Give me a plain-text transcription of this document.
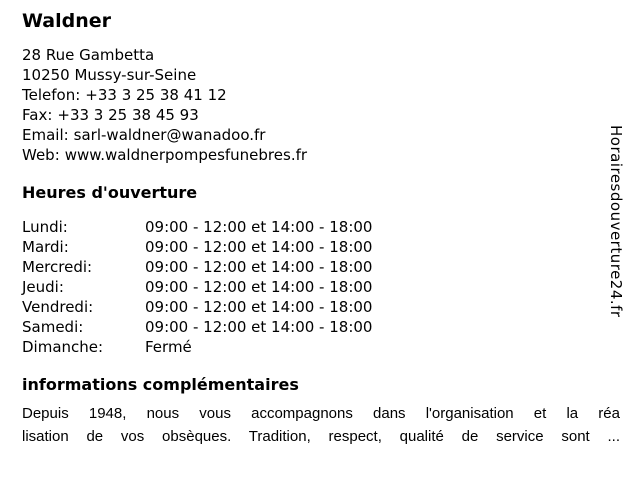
Waldner
28 Rue Gambetta
10250 Mussy-sur-Seine
Telefon: +33 3 25 38 41 12
Fax: +33 3 25 38 45 93
Email: sarl-waldner@wanadoo.fr
Web: www.waldnerpompesfunebres.fr
Heures d'ouverture
Lundi:	09:00 - 12:00 et 14:00 - 18:00
Mardi:	09:00 - 12:00 et 14:00 - 18:00
Mercredi:	09:00 - 12:00 et 14:00 - 18:00
Jeudi:	09:00 - 12:00 et 14:00 - 18:00
Vendredi:	09:00 - 12:00 et 14:00 - 18:00
Samedi:	09:00 - 12:00 et 14:00 - 18:00
Dimanche:	Fermé
informations complémentaires
Depuis 1948, nous vous accompagnons dans l'organisation et la réa
lisation de vos obsèques. Tradition, respect, qualité de service sont ...
Horairesdouverture24.fr
